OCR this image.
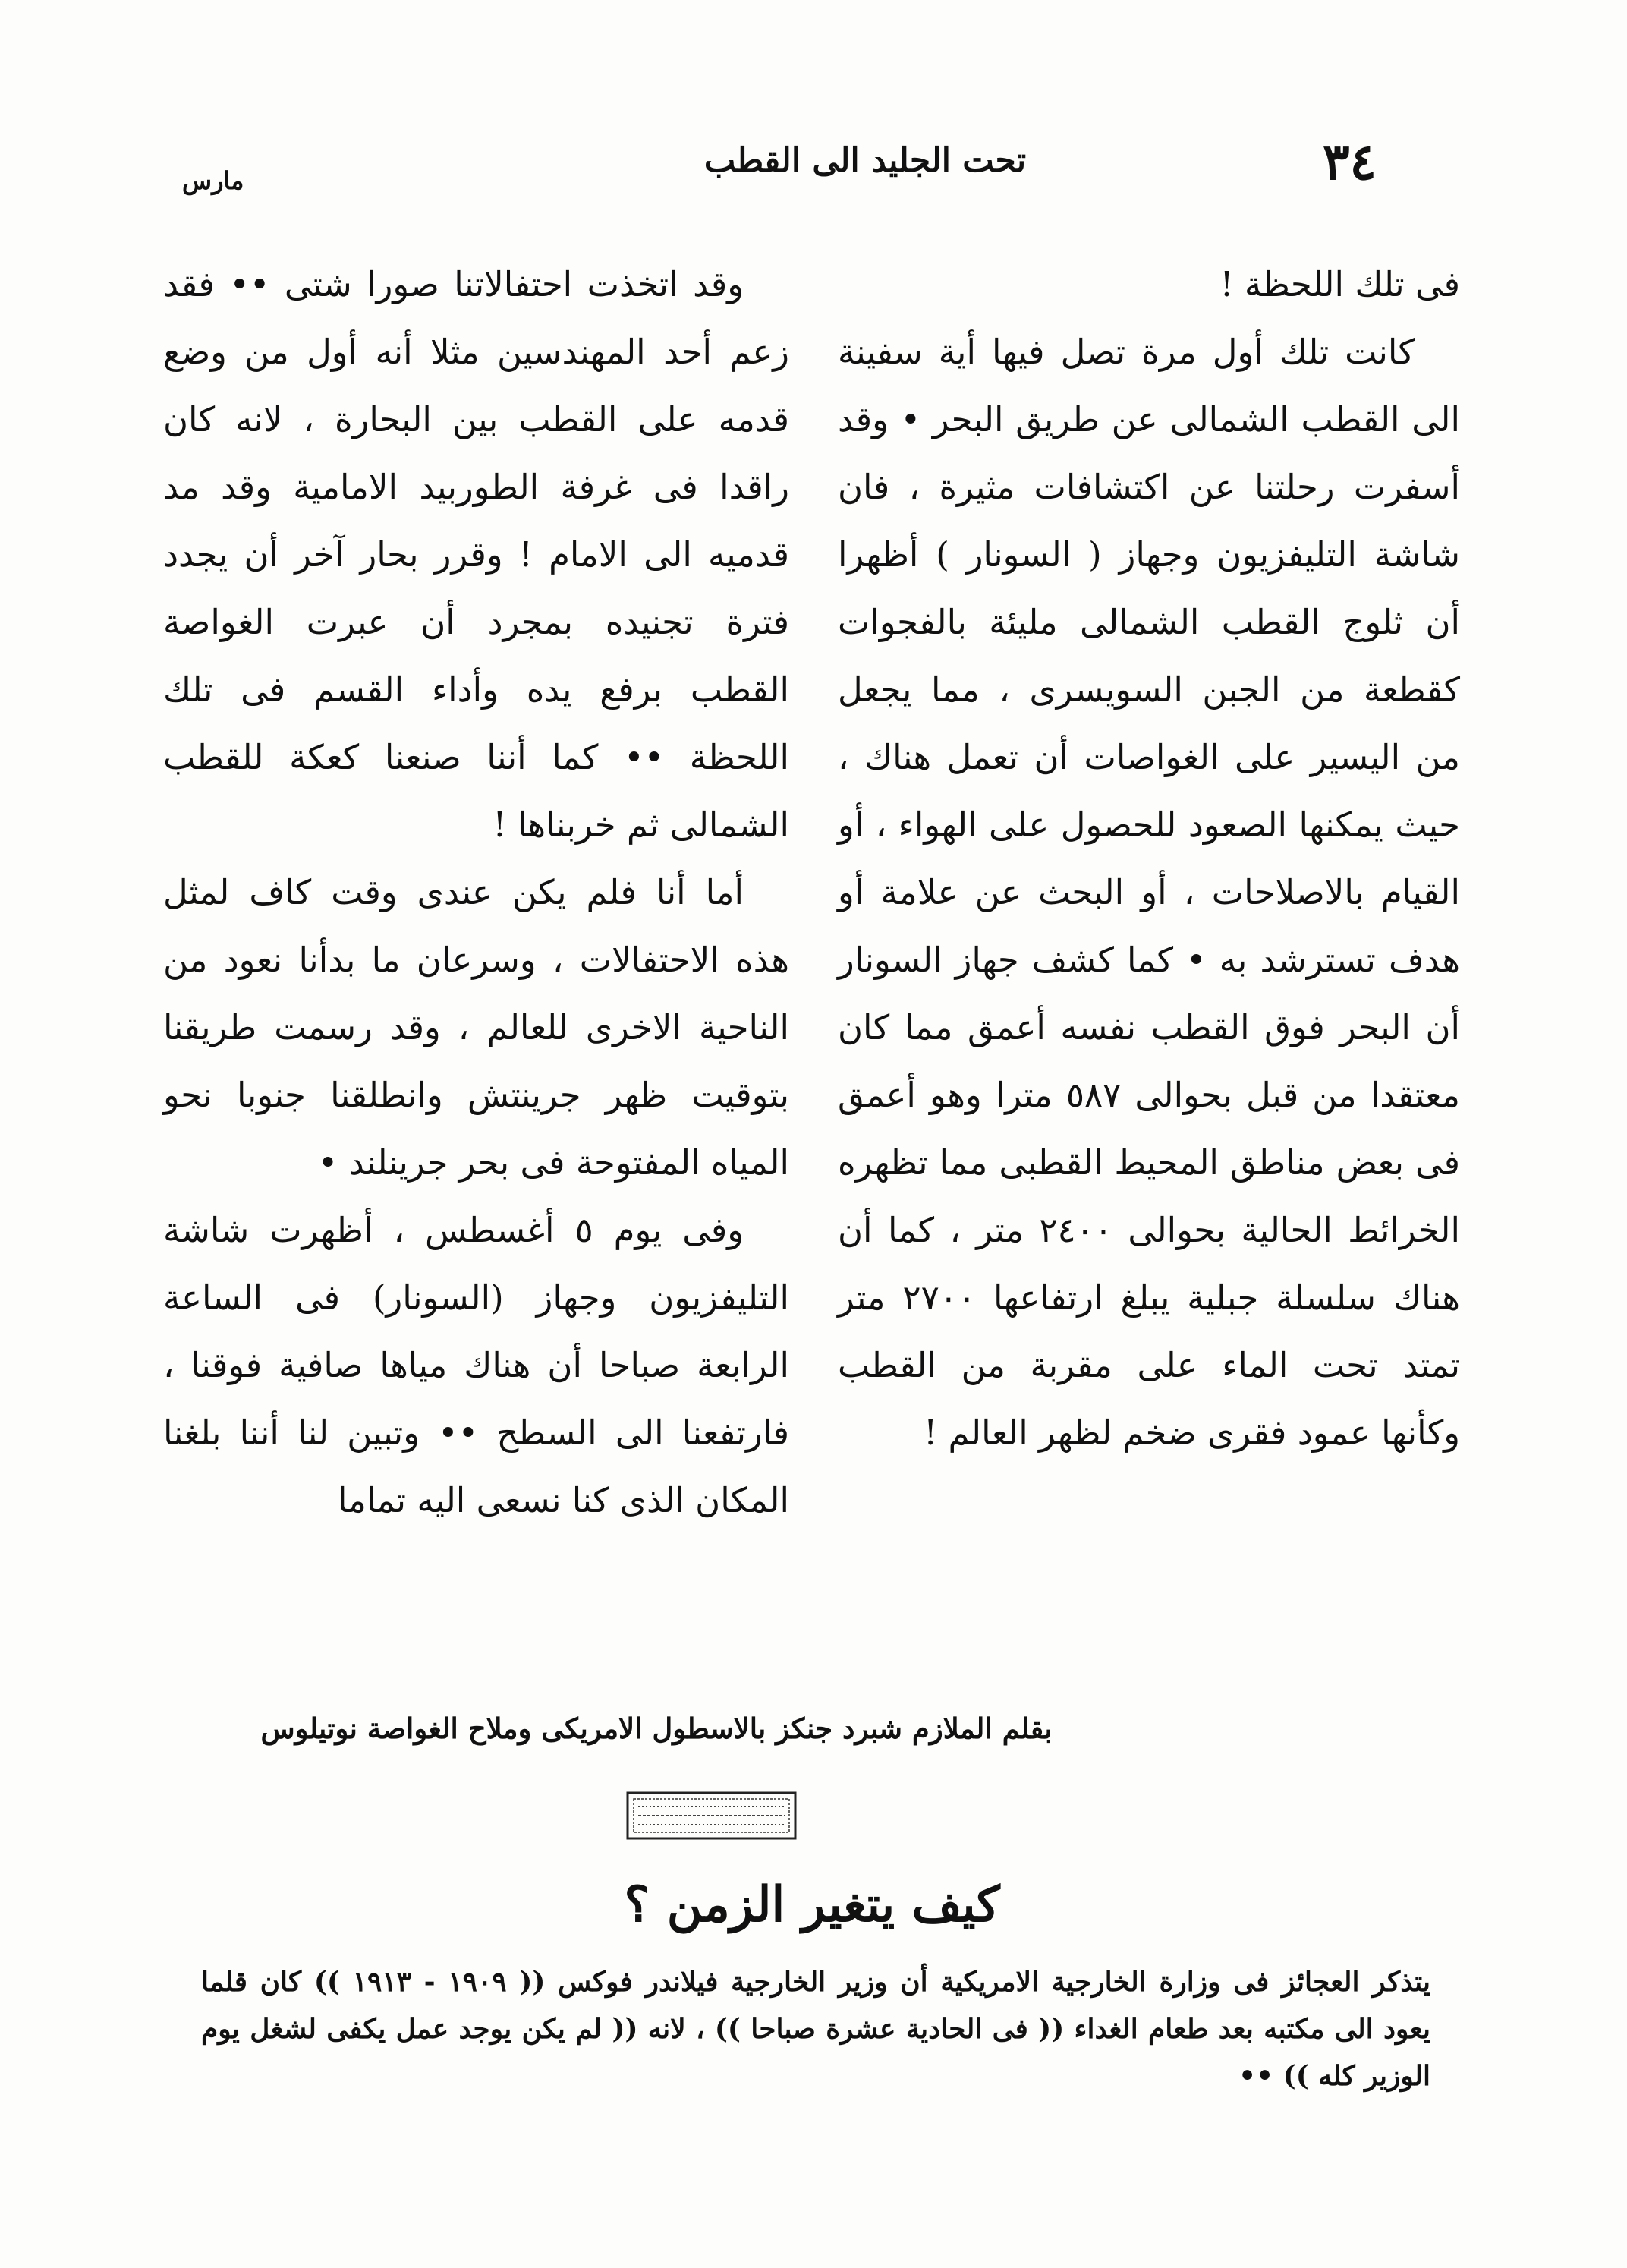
٣٤
تحت الجليد الى القطب
مارس

فى تلك اللحظة !

كانت تلك أول مرة تصل فيها أية سفينة الى القطب الشمالى عن طريق البحر • وقد أسفرت رحلتنا عن اكتشافات مثيرة ، فان شاشة التليفزيون وجهاز ( السونار ) أظهرا أن ثلوج القطب الشمالى مليئة بالفجوات كقطعة من الجبن السويسرى ، مما يجعل من اليسير على الغواصات أن تعمل هناك ، حيث يمكنها الصعود للحصول على الهواء ، أو القيام بالاصلاحات ، أو البحث عن علامة أو هدف تسترشد به • كما كشف جهاز السونار أن البحر فوق القطب نفسه أعمق مما كان معتقدا من قبل بحوالى ٥٨٧ مترا وهو أعمق فى بعض مناطق المحيط القطبى مما تظهره الخرائط الحالية بحوالى ٢٤٠٠ متر ، كما أن هناك سلسلة جبلية يبلغ ارتفاعها ٢٧٠٠ متر تمتد تحت الماء على مقربة من القطب وكأنها عمود فقرى ضخم لظهر العالم !

وقد اتخذت احتفالاتنا صورا شتى •• فقد زعم أحد المهندسين مثلا أنه أول من وضع قدمه على القطب بين البحارة ، لانه كان راقدا فى غرفة الطوربيد الامامية وقد مد قدميه الى الامام ! وقرر بحار آخر أن يجدد فترة تجنيده بمجرد أن عبرت الغواصة القطب برفع يده وأداء القسم فى تلك اللحظة •• كما أننا صنعنا كعكة للقطب الشمالى ثم خربناها !

أما أنا فلم يكن عندى وقت كاف لمثل هذه الاحتفالات ، وسرعان ما بدأنا نعود من الناحية الاخرى للعالم ، وقد رسمت طريقنا بتوقيت ظهر جرينتش وانطلقنا جنوبا نحو المياه المفتوحة فى بحر جرينلند •

وفى يوم ٥ أغسطس ، أظهرت شاشة التليفزيون وجهاز (السونار) فى الساعة الرابعة صباحا أن هناك مياها صافية فوقنا ، فارتفعنا الى السطح •• وتبين لنا أننا بلغنا المكان الذى كنا نسعى اليه تماما

بقلم الملازم شبرد جنكز بالاسطول الامريكى وملاح الغواصة نوتيلوس
كيف يتغير الزمن ؟

يتذكر العجائز فى وزارة الخارجية الامريكية أن وزير الخارجية فيلاندر فوكس (( ١٩٠٩ - ١٩١٣ )) كان قلما يعود الى مكتبه بعد طعام الغداء (( فى الحادية عشرة صباحا )) ، لانه (( لم يكن يوجد عمل يكفى لشغل يوم الوزير كله )) ••
